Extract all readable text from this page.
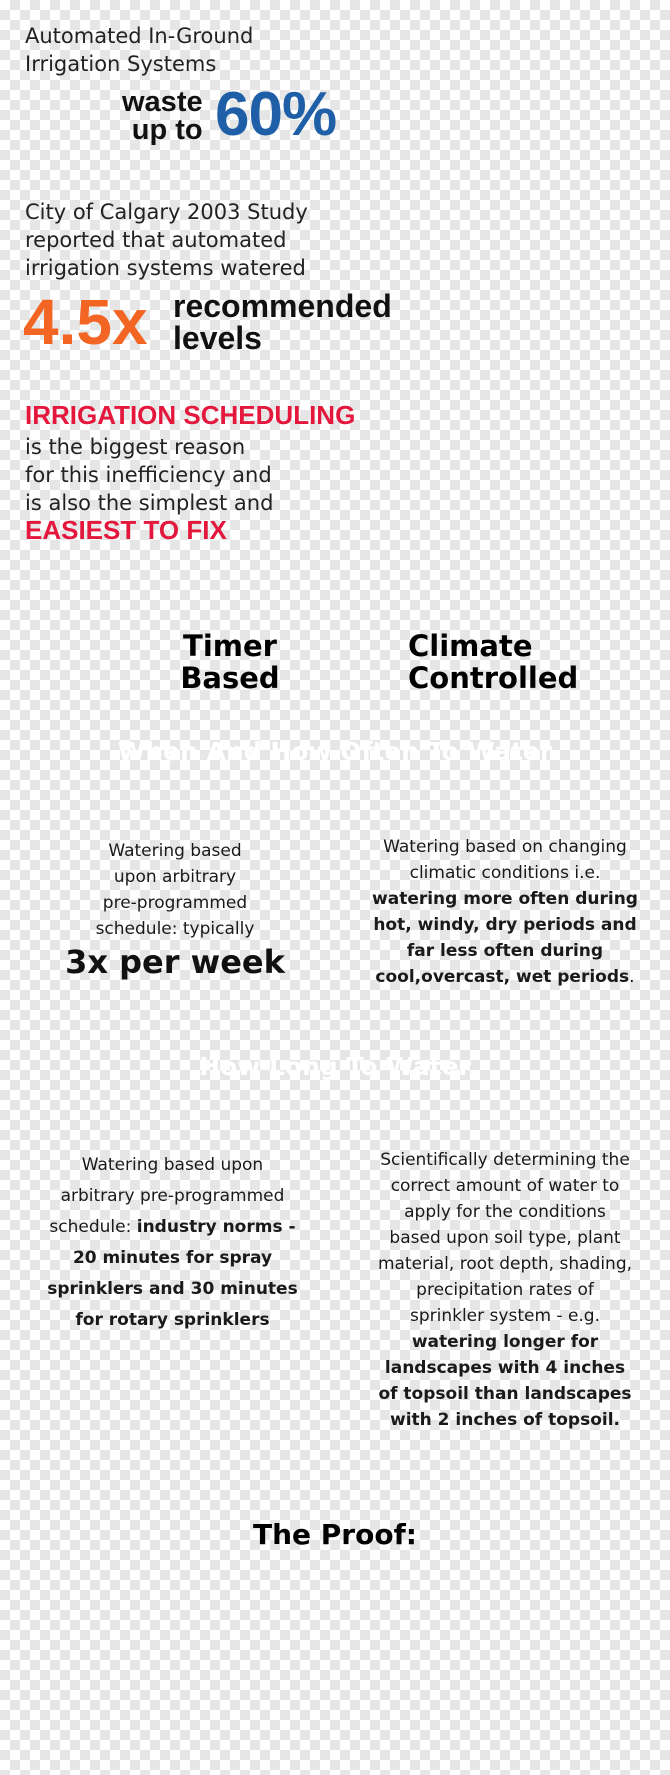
Automated In-Ground
Irrigation Systems
waste
up to 60%
City of Calgary 2003 Study
reported that automated
irrigation systems watered
4.5x recommended
levels
IRRIGATION SCHEDULING
is the biggest reason
for this inefficiency and
is also the simplest and
EASIEST TO FIX
Timer
Based
Climate
Controlled
When And How Often To Water
Watering based
upon arbitrary
pre-programmed
schedule: typically
3x per week
Watering based on changing
climatic conditions i.e.
watering more often during
hot, windy, dry periods and
far less often during
cool,overcast, wet periods.
How Long To Water
Watering based upon
arbitrary pre-programmed
schedule: industry norms -
20 minutes for spray
sprinklers and 30 minutes
for rotary sprinklers
Scientifically determining the
correct amount of water to
apply for the conditions
based upon soil type, plant
material, root depth, shading,
precipitation rates of
sprinkler system - e.g.
watering longer for
landscapes with 4 inches
of topsoil than landscapes
with 2 inches of topsoil.
The Proof:
